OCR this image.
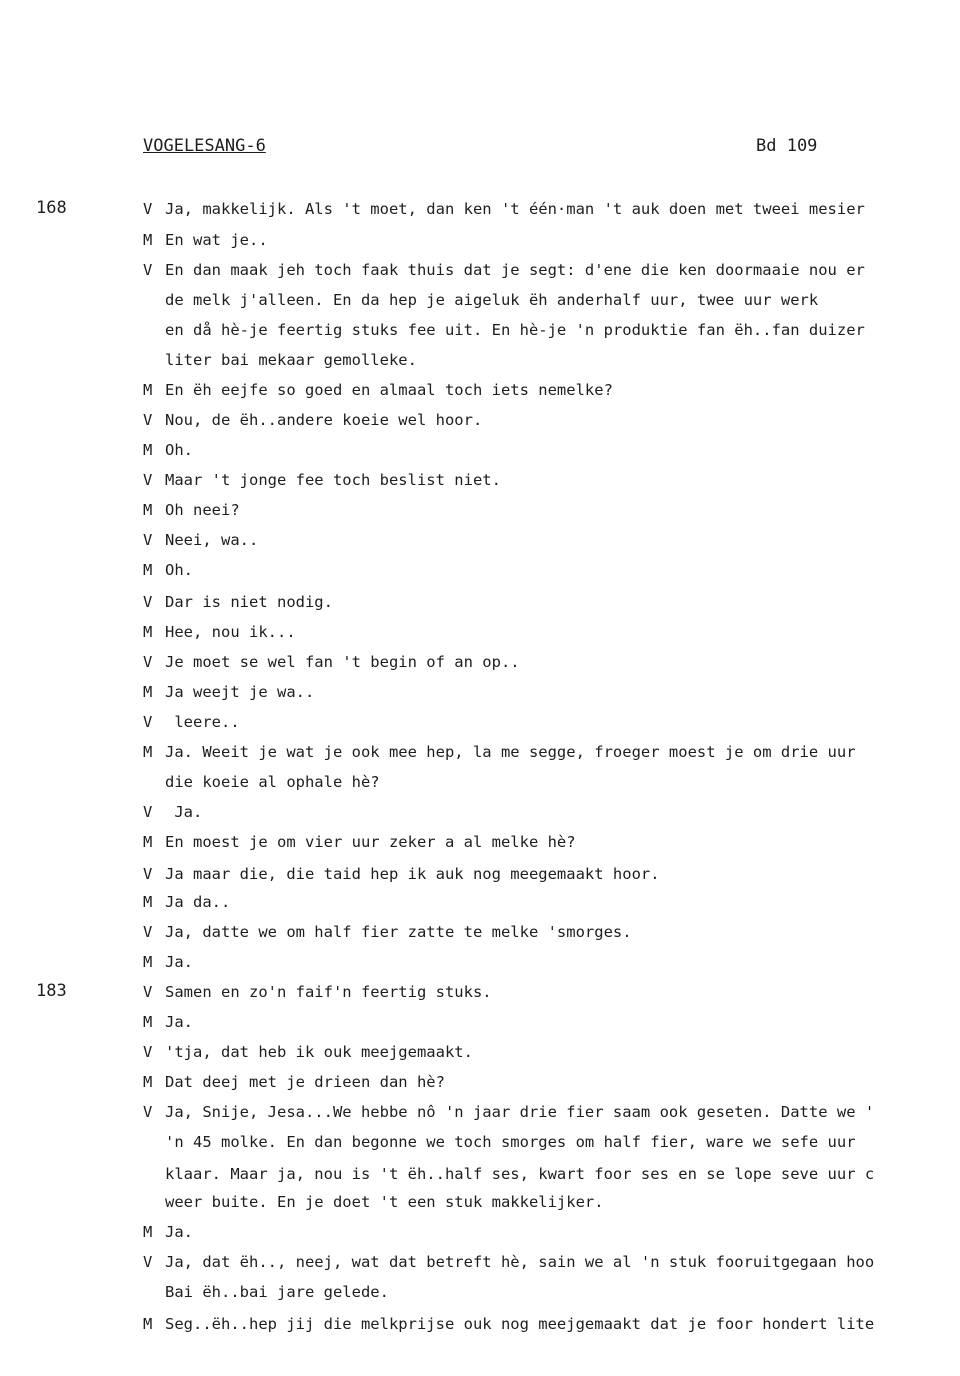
VOGELESANG-6	Bd 109
168
183
V Ja, makkelijk. Als 't moet, dan ken 't één·man 't auk doen met tweei mesier
M En wat je..
V En dan maak jeh toch faak thuis dat je segt: d'ene die ken doormaaie nou er
de melk j'alleen. En da hep je aigeluk ëh anderhalf uur, twee uur werk
en då hè-je feertig stuks fee uit. En hè-je 'n produktie fan ëh..fan duizer
liter bai mekaar gemolleke.
M En ëh eejfe so goed en almaal toch iets nemelke?
V Nou, de ëh..andere koeie wel hoor.
M Oh.
V Maar 't jonge fee toch beslist niet.
M Oh neei?
V Neei, wa..
M Oh.
V Dar is niet nodig.
M Hee, nou ik...
V Je moet se wel fan 't begin of an op..
M Ja weejt je wa..
V leere..
M Ja. Weeit je wat je ook mee hep, la me segge, froeger moest je om drie uur
die koeie al ophale hè?
V Ja.
M En moest je om vier uur zeker a al melke hè?
V Ja maar die, die taid hep ik auk nog meegemaakt hoor.
M Ja da..
V Ja, datte we om half fier zatte te melke 'smorges.
M Ja.
V Samen en zo'n faif'n feertig stuks.
M Ja.
V 'tja, dat heb ik ouk meejgemaakt.
M Dat deej met je drieen dan hè?
V Ja, Snije, Jesa...We hebbe nô 'n jaar drie fier saam ook geseten. Datte we '
'n 45 molke. En dan begonne we toch smorges om half fier, ware we sefe uur
klaar. Maar ja, nou is 't ëh..half ses, kwart foor ses en se lope seve uur c
weer buite. En je doet 't een stuk makkelijker.
M Ja.
V Ja, dat ëh.., neej, wat dat betreft hè, sain we al 'n stuk fooruitgegaan hoo
Bai ëh..bai jare gelede.
M Seg..ëh..hep jij die melkprijse ouk nog meejgemaakt dat je foor hondert lite
